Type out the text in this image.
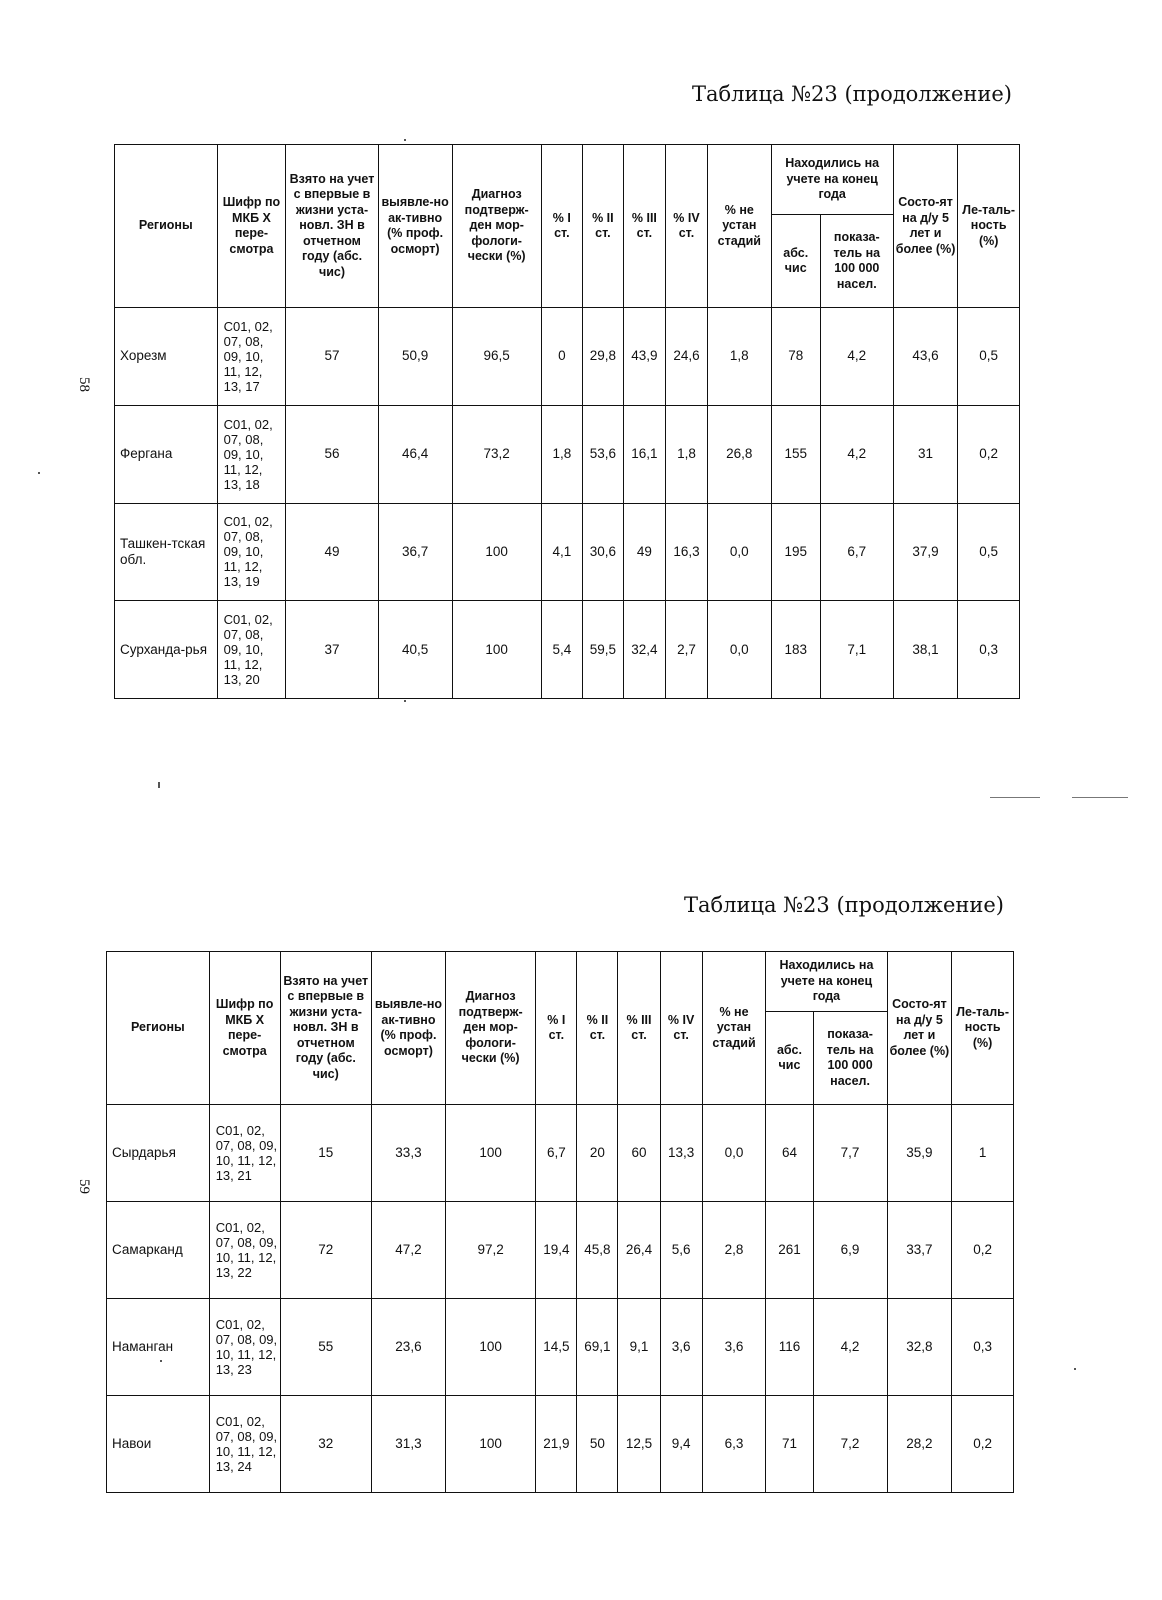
Таблица №23 (продолжение)
58
Регионы	Шифр по МКБ Х пере-смотра	Взято на учет с впервые в жизни уста-новл. ЗН в отчетном году (абс. чис)	выявле-но ак-тивно (% проф. осморт)	Диагноз подтверж-ден мор-фологи-чески (%)	% I ст.	% II ст.	% III ст.	% IV ст.	% не устан стадий	Находились на учете на конец года		Состо-ят на д/у 5 лет и более (%)	Ле-таль-ность (%)
										абс. чис	показа-тель на 100 000 насел.		
Хорезм	C01, 02, 07, 08, 09, 10, 11, 12, 13, 17	57	50,9	96,5	0	29,8	43,9	24,6	1,8	78	4,2	43,6	0,5
Фергана	C01, 02, 07, 08, 09, 10, 11, 12, 13, 18	56	46,4	73,2	1,8	53,6	16,1	1,8	26,8	155	4,2	31	0,2
Ташкен-тская обл.	C01, 02, 07, 08, 09, 10, 11, 12, 13, 19	49	36,7	100	4,1	30,6	49	16,3	0,0	195	6,7	37,9	0,5
Сурханда-рья	C01, 02, 07, 08, 09, 10, 11, 12, 13, 20	37	40,5	100	5,4	59,5	32,4	2,7	0,0	183	7,1	38,1	0,3
Таблица №23 (продолжение)
59
Регионы	Шифр по МКБ Х пере-смотра	Взято на учет с впервые в жизни уста-новл. ЗН в отчетном году (абс. чис)	выявле-но ак-тивно (% проф. осморт)	Диагноз подтверж-ден мор-фологи-чески (%)	% I ст.	% II ст.	% III ст.	% IV ст.	% не устан стадий	Находились на учете на конец года		Состо-ят на д/у 5 лет и более (%)	Ле-таль-ность (%)
										абс. чис	показа-тель на 100 000 насел.		
Сырдарья	C01, 02, 07, 08, 09, 10, 11, 12, 13, 21	15	33,3	100	6,7	20	60	13,3	0,0	64	7,7	35,9	1
Самарканд	C01, 02, 07, 08, 09, 10, 11, 12, 13, 22	72	47,2	97,2	19,4	45,8	26,4	5,6	2,8	261	6,9	33,7	0,2
Наманган	C01, 02, 07, 08, 09, 10, 11, 12, 13, 23	55	23,6	100	14,5	69,1	9,1	3,6	3,6	116	4,2	32,8	0,3
Навои	C01, 02, 07, 08, 09, 10, 11, 12, 13, 24	32	31,3	100	21,9	50	12,5	9,4	6,3	71	7,2	28,2	0,2
